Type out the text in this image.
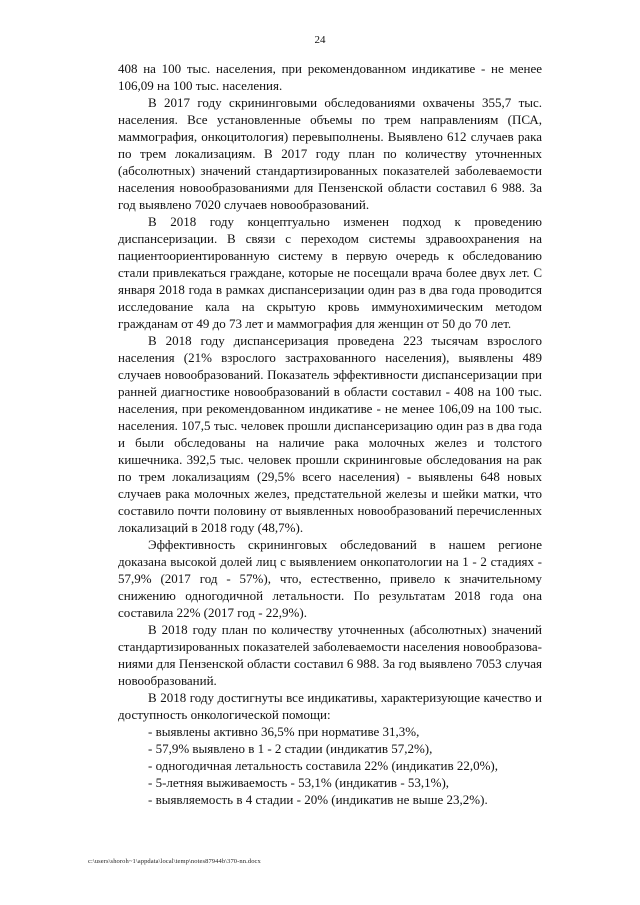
24

408 на 100 тыс. населения, при рекомендованном индикативе - не менее 106,09 на 100 тыс. населения.

В 2017 году скрининговыми обследованиями охвачены 355,7 тыс. населения. Все установленные объемы по трем направлениям (ПСА, маммография, онкоцитология) перевыполнены. Выявлено 612 случаев рака по трем локализациям. В 2017 году план по количеству уточненных (абсолютных) значений стандартизированных показателей заболеваемости населения новообразованиями для Пензенской области составил 6 988. За год выявлено 7020 случаев новообразований.

В 2018 году концептуально изменен подход к проведению диспансеризации. В связи с переходом системы здравоохранения на пациентоориентированную систему в первую очередь к обследованию стали привлекаться граждане, которые не посещали врача более двух лет. С января 2018 года в рамках диспансеризации один раз в два года проводится исследование кала на скрытую кровь иммунохимическим методом гражданам от 49 до 73 лет и маммография для женщин от 50 до 70 лет.

В 2018 году диспансеризация проведена 223 тысячам взрослого населения (21% взрослого застрахованного населения), выявлены 489 случаев новообразований. Показатель эффективности диспансеризации при ранней диагностике новообразований в области составил - 408 на 100 тыс. населения, при рекомендованном индикативе - не менее 106,09 на 100 тыс. населения. 107,5 тыс. человек прошли диспансеризацию один раз в два года и были обследованы на наличие рака молочных желез и толстого кишечника. 392,5 тыс. человек прошли скрининговые обследования на рак по трем локализациям (29,5% всего населения) - выявлены 648 новых случаев рака молочных желез, предстательной железы и шейки матки, что составило почти половину от выявленных новообразований перечисленных локализаций в 2018 году (48,7%).

Эффективность скрининговых обследований в нашем регионе доказана высокой долей лиц с выявлением онкопатологии на 1 - 2 стадиях - 57,9% (2017 год - 57%), что, естественно, привело к значительному снижению одногодичной летальности. По результатам 2018 года она составила 22% (2017 год - 22,9%).

В 2018 году план по количеству уточненных (абсолютных) значений стандартизированных показателей заболеваемости населения новообразова-ниями для Пензенской области составил 6 988. За год выявлено 7053 случая новообразований.

В 2018 году достигнуты все индикативы, характеризующие качество и доступность онкологической помощи:

- выявлены активно 36,5% при нормативе 31,3%,
- 57,9% выявлено в 1 - 2 стадии (индикатив 57,2%),
- одногодичная летальность составила 22% (индикатив 22,0%),
- 5-летняя выживаемость - 53,1% (индикатив - 53,1%),
- выявляемость в 4 стадии - 20% (индикатив не выше 23,2%).
c:\users\shoroh~1\appdata\local\temp\notes87944b\370-nn.docx
